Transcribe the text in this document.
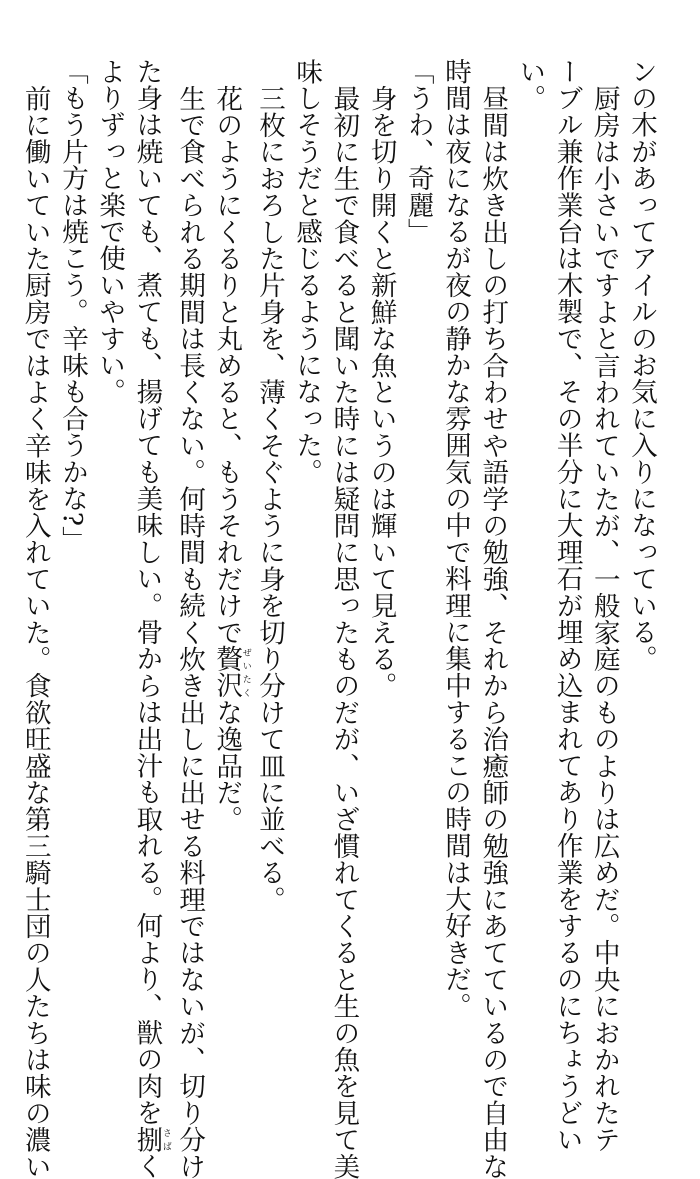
ンの木があってアイルのお気に入りになっている。
厨房は小さいですよと言われていたが、一般家庭のものよりは広めだ。中央におかれたテ
ーブル兼作業台は木製で、その半分に大理石が埋め込まれてあり作業をするのにちょうどい
い。
昼間は炊き出しの打ち合わせや語学の勉強、それから治癒師の勉強にあてているので自由な
時間は夜になるが夜の静かな雰囲気の中で料理に集中するこの時間は大好きだ。
「うわ、奇麗」
身を切り開くと新鮮な魚というのは輝いて見える。
最初に生で食べると聞いた時には疑問に思ったものだが、いざ慣れてくると生の魚を見て美
味しそうだと感じるようになった。
三枚におろした片身を、薄くそぐように身を切り分けて皿に並べる。
花のようにくるりと丸めると、もうそれだけで贅沢ぜいたくな逸品だ。
生で食べられる期間は長くない。何時間も続く炊き出しに出せる料理ではないが、切り分け
た身は焼いても、煮ても、揚げても美味しい。骨からは出汁も取れる。何より、獣の肉を捌さばく
よりずっと楽で使いやすい。
「もう片方は焼こう。辛味も合うかな?」
前に働いていた厨房ではよく辛味を入れていた。食欲旺盛な第三騎士団の人たちは味の濃い
